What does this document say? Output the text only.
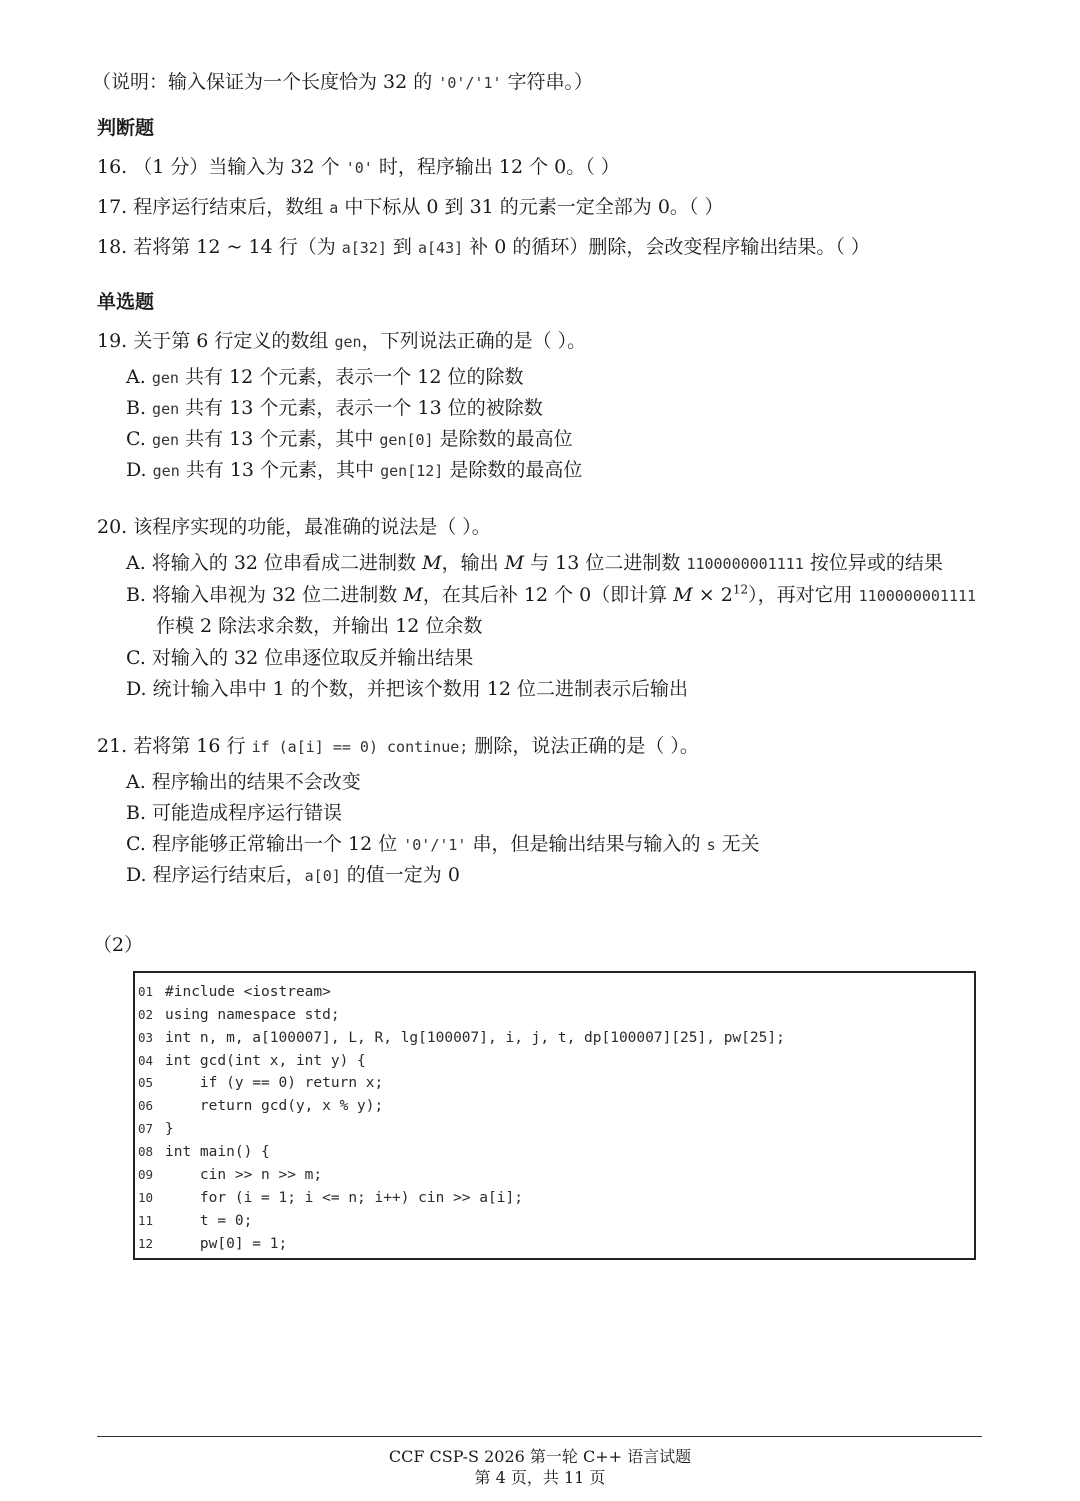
（说明：输入保证为一个长度恰为 32 的 '0'/'1' 字符串。）
判断题
16. （1 分）当输入为 32 个 '0' 时，程序输出 12 个 0。（ ）
17. 程序运行结束后，数组 a 中下标从 0 到 31 的元素一定全部为 0。（ ）
18. 若将第 12 ~ 14 行（为 a[32] 到 a[43] 补 0 的循环）删除，会改变程序输出结果。（ ）
单选题
19. 关于第 6 行定义的数组 gen，下列说法正确的是（ ）。
A. gen 共有 12 个元素，表示一个 12 位的除数
B. gen 共有 13 个元素，表示一个 13 位的被除数
C. gen 共有 13 个元素，其中 gen[0] 是除数的最高位
D. gen 共有 13 个元素，其中 gen[12] 是除数的最高位
20. 该程序实现的功能，最准确的说法是（ ）。
A. 将输入的 32 位串看成二进制数 M，输出 M 与 13 位二进制数 1100000001111 按位异或的结果
B. 将输入串视为 32 位二进制数 M，在其后补 12 个 0（即计算 $M \times 2^{12}$），再对它用 1100000001111
作模 2 除法求余数，并输出 12 位余数
C. 对输入的 32 位串逐位取反并输出结果
D. 统计输入串中 1 的个数，并把该个数用 12 位二进制表示后输出
21. 若将第 16 行 if (a[i] == 0) continue; 删除，说法正确的是（ ）。
A. 程序输出的结果不会改变
B. 可能造成程序运行错误
C. 程序能够正常输出一个 12 位 '0'/'1' 串，但是输出结果与输入的 s 无关
D. 程序运行结束后，a[0] 的值一定为 0
（2）
01 #include <iostream>
02 using namespace std;
03 int n, m, a[100007], L, R, lg[100007], i, j, t, dp[100007][25], pw[25];
04 int gcd(int x, int y) {
05    if (y == 0) return x;
06    return gcd(y, x % y);
07 }
08 int main() {
09    cin >> n >> m;
10    for (i = 1; i <= n; i++) cin >> a[i];
11    t = 0;
12    pw[0] = 1;
CCF CSP-S 2026 第一轮 C++ 语言试题
第 4 页，共 11 页
